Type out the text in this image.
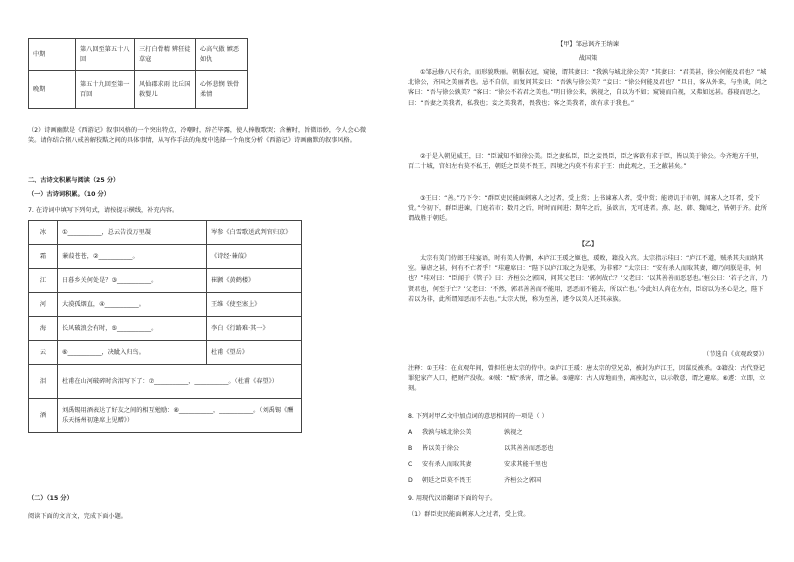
中期	第八回至第五十八回	三打白骨精 辨狂徒草寇	心高气傲 嫉恶如仇
晚期	第五十九回至第一百回	风仙郡求雨 比丘国救婴儿	心怀悲悯 铁骨柔情

（2）诗画幽默是《西游记》叙事风格的一个突出特点，冷嘲时，辞芒毕露，使人捧腹歌哭；含蓄时，旨微语妙，令人会心微笑。请你结合猪八戒善解狡黠之间的具体事情，从写作手法的角度中选择一个角度分析《西游记》诗画幽默的叙事风格。

二、古诗文积累与阅读（25 分）

（一）古诗词积累。（10 分）

7. 在诗词中填写下列句式，请按提示横线，补充内容。

冰	①___________，总云告没万里凝	岑参《白雪歌送武判官归京》
霜	蒹葭苍苍，②___________。	《诗经·蒹葭》
江	日暮乡关何处是？③___________。	崔颢《黄鹤楼》
河	大漠孤烟直，④___________。	王维《使至塞上》
海	长风破浪会有时，⑤___________。	李白《行路难·其一》
云	⑥___________，决眦入归鸟。	杜甫《望岳》
泪	杜甫在山河破碎时含泪写下了：⑦___________，___________。（杜甫《春望》）	
酒	刘禹锡用酒表达了好友之间的相互勉励：⑧___________，___________。（刘禹锡《酬乐天扬州初逢席上见赠》）	

（二）（15 分）

阅读下面的文言文，完成下面小题。

【甲】邹忌讽齐王纳谏

战国策

①邹忌修八尺有余，而形貌昳丽。朝服衣冠，窥镜，谓其妻曰：“我孰与城北徐公美？”其妻曰：“君美甚，徐公何能及君也？”城北徐公，齐国之美丽者也。忌不自信，而复问其妾曰：“吾孰与徐公美？”妾曰：“徐公何能及君也？”旦日，客从外来，与坐谈，问之客曰：“吾与徐公孰美？”客曰：“徐公不若君之美也。”明日徐公来，孰视之，自以为不如；窥镜而自视，又弗如远甚。暮寝而思之，曰：“吾妻之美我者，私我也；妾之美我者，畏我也；客之美我者，欲有求于我也。”

②于是入朝见威王，曰：“臣诚知不如徐公美。臣之妻私臣，臣之妾畏臣，臣之客欲有求于臣，皆以美于徐公。今齐地方千里，百二十城，宫妇左右莫不私王，朝廷之臣莫不畏王，四境之内莫不有求于王：由此观之，王之蔽甚矣。”

③王曰：“善。”乃下令：“群臣吏民能面刺寡人之过者，受上赏；上书谏寡人者，受中赏；能谤讥于市朝，闻寡人之耳者，受下赏。”令初下，群臣进谏，门庭若市；数月之后，时时而间进；期年之后，虽欲言，无可进者。燕、赵、韩、魏闻之，皆朝于齐。此所谓战胜于朝廷。

【乙】

太宗有美门侍郎王珪宴语，时有美人侍侧，本庐江王瑗之姬也，瑗败，籍没入宫。太宗指示珪曰：“庐江不道，贼杀其夫而纳其室。暴虐之甚，何有不亡者乎！”珪避席曰：“陛下以庐江取之为是邪，为非邪？”太宗曰：“安有杀人而取其妻，卿乃问朕是非，何也？”珪对曰：“臣闻于《管子》曰：齐桓公之郭国，问其父老曰：‘郭何故亡？’父老曰：‘以其善善而恶恶也。’桓公曰：‘若子之言，乃贤君也，何至于亡？’父老曰：‘不然，郭君善善而不能用，恶恶而不能去，所以亡也。’今此妇人尚在左右，臣窃以为圣心是之，陛下若以为非，此所谓知恶而不去也。”太宗大悦，称为至善，遽令以美人还其亲族。

（节选自《贞观政要》）

注释：①王珪：在贞观年间，曾担任唐太宗的侍中。②庐江王瑗：唐太宗的堂兄弟，被封为庐江王，因谋反被杀。③籍没：古代登记罪犯家产人口，把财产没收。④贼：“贼”杀害，谓之暴。⑤避席：古人席地而坐，离座起立，以示敬意，谓之避席。⑥遽：立即，立刻。

8. 下列对甲乙文中加点词的意思相同的一项是（ ）

A 我孰与城北徐公美	孰视之
B 皆以美于徐公	以其善善而恶恶也
C 安有杀人而取其妻	安求其能千里也
D 朝廷之臣莫不畏王	齐桓公之郭国

9. 用现代汉语翻译下面的句子。

（1）群臣吏民能面刺寡人之过者，受上赏。
